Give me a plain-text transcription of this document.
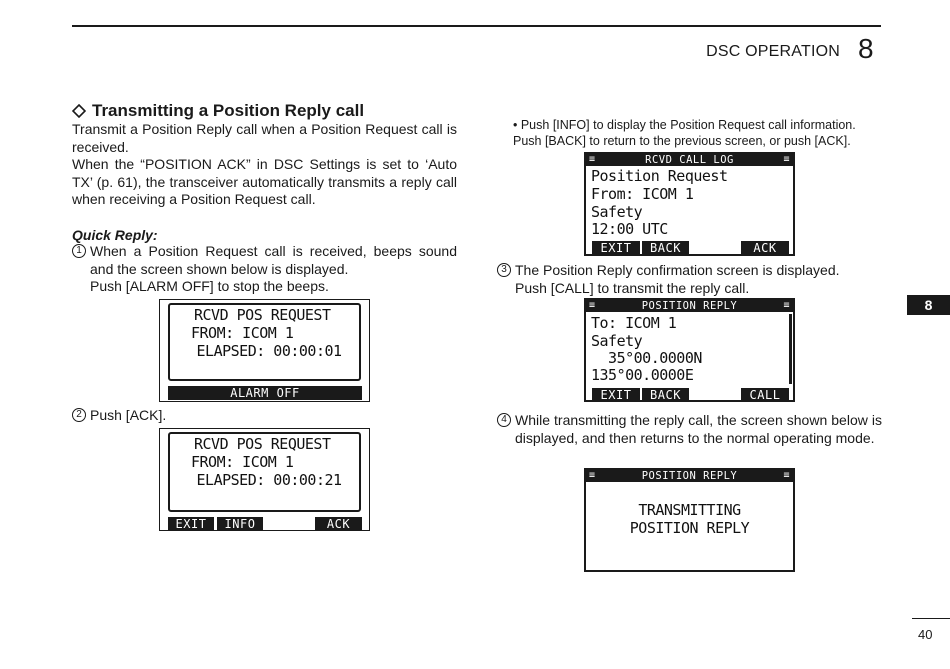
DSC OPERATION 8
8
Transmitting a Position Reply call
Transmit a Position Reply call when a Position Request call is received.
When the “POSITION ACK” in DSC Settings is set to ‘Auto TX’ (p. 61), the transceiver automatically transmits a reply call when receiving a Position Request call.
Quick Reply:
1 When a Position Request call is received, beeps sound and the screen shown below is displayed.
Push [ALARM OFF] to stop the beeps.
RCVD POS REQUEST
FROM: ICOM 1
ELAPSED: 00:00:01
ALARM OFF
2 Push [ACK].
RCVD POS REQUEST
FROM: ICOM 1
ELAPSED: 00:00:21
EXIT	INFO	ACK
• Push [INFO] to display the Position Request call information. Push [BACK] to return to the previous screen, or push [ACK].
≡	RCVD CALL LOG	≡
Position Request
From: ICOM 1
Safety
12:00 UTC
EXIT	BACK	ACK
3 The Position Reply confirmation screen is displayed.
Push [CALL] to transmit the reply call.
≡	POSITION REPLY	≡
To: ICOM 1
Safety
35°00.0000N
135°00.0000E
EXIT	BACK	CALL
4 While transmitting the reply call, the screen shown below is displayed, and then returns to the normal operating mode.
≡	POSITION REPLY	≡
TRANSMITTING
POSITION REPLY
40
